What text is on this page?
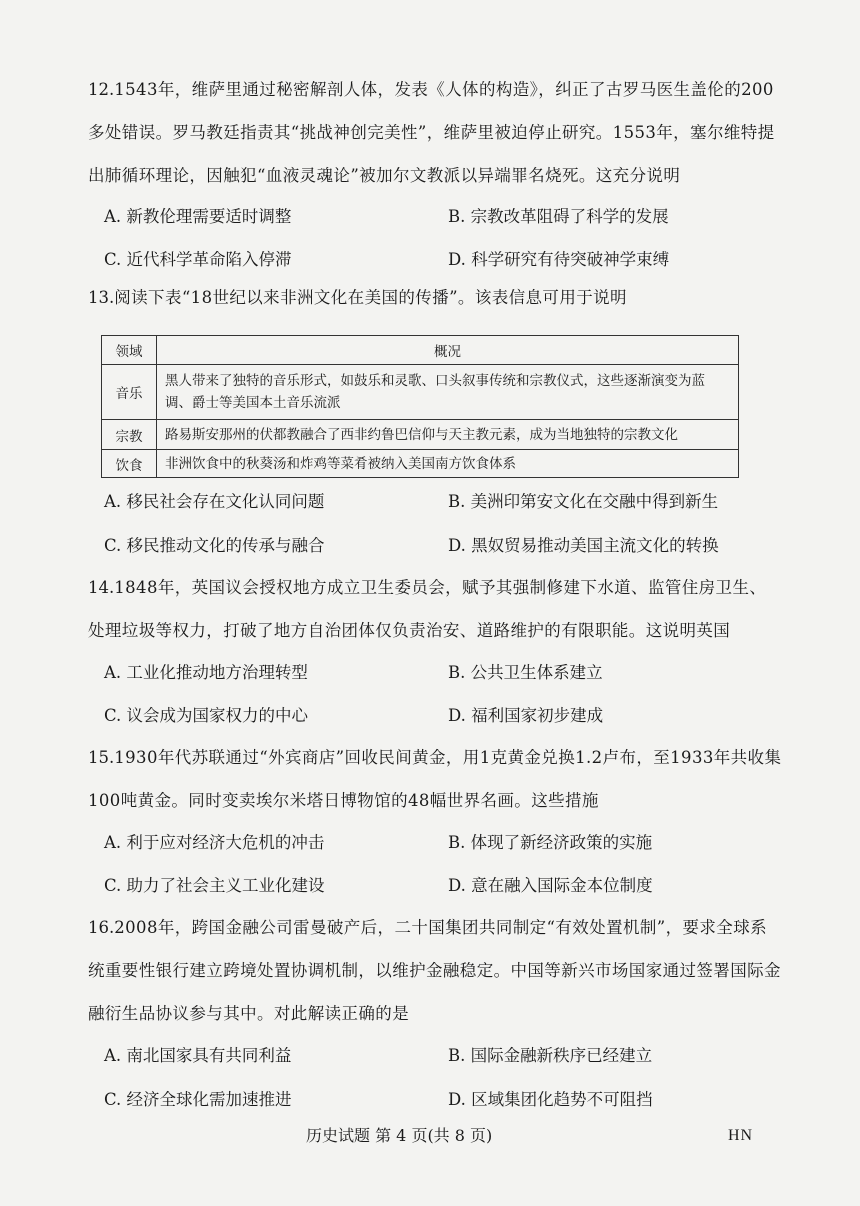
12.1543年，维萨里通过秘密解剖人体，发表《人体的构造》，纠正了古罗马医生盖伦的200多处错误。罗马教廷指责其“挑战神创完美性”，维萨里被迫停止研究。1553年，塞尔维特提出肺循环理论，因触犯“血液灵魂论”被加尔文教派以异端罪名烧死。这充分说明
A. 新教伦理需要适时调整	B. 宗教改革阻碍了科学的发展
C. 近代科学革命陷入停滞	D. 科学研究有待突破神学束缚
13.阅读下表“18世纪以来非洲文化在美国的传播”。该表信息可用于说明
领域	概况
音乐	黑人带来了独特的音乐形式，如鼓乐和灵歌、口头叙事传统和宗教仪式，这些逐渐演变为蓝调、爵士等美国本土音乐流派
宗教	路易斯安那州的伏都教融合了西非约鲁巴信仰与天主教元素，成为当地独特的宗教文化
饮食	非洲饮食中的秋葵汤和炸鸡等菜肴被纳入美国南方饮食体系
A. 移民社会存在文化认同问题	B. 美洲印第安文化在交融中得到新生
C. 移民推动文化的传承与融合	D. 黑奴贸易推动美国主流文化的转换
14.1848年，英国议会授权地方成立卫生委员会，赋予其强制修建下水道、监管住房卫生、处理垃圾等权力，打破了地方自治团体仅负责治安、道路维护的有限职能。这说明英国
A. 工业化推动地方治理转型	B. 公共卫生体系建立
C. 议会成为国家权力的中心	D. 福利国家初步建成
15.1930年代苏联通过“外宾商店”回收民间黄金，用1克黄金兑换1.2卢布，至1933年共收集100吨黄金。同时变卖埃尔米塔日博物馆的48幅世界名画。这些措施
A. 利于应对经济大危机的冲击	B. 体现了新经济政策的实施
C. 助力了社会主义工业化建设	D. 意在融入国际金本位制度
16.2008年，跨国金融公司雷曼破产后，二十国集团共同制定“有效处置机制”，要求全球系统重要性银行建立跨境处置协调机制，以维护金融稳定。中国等新兴市场国家通过签署国际金融衍生品协议参与其中。对此解读正确的是
A. 南北国家具有共同利益	B. 国际金融新秩序已经建立
C. 经济全球化需加速推进	D. 区域集团化趋势不可阻挡
历史试题 第 4 页(共 8 页)	HN
